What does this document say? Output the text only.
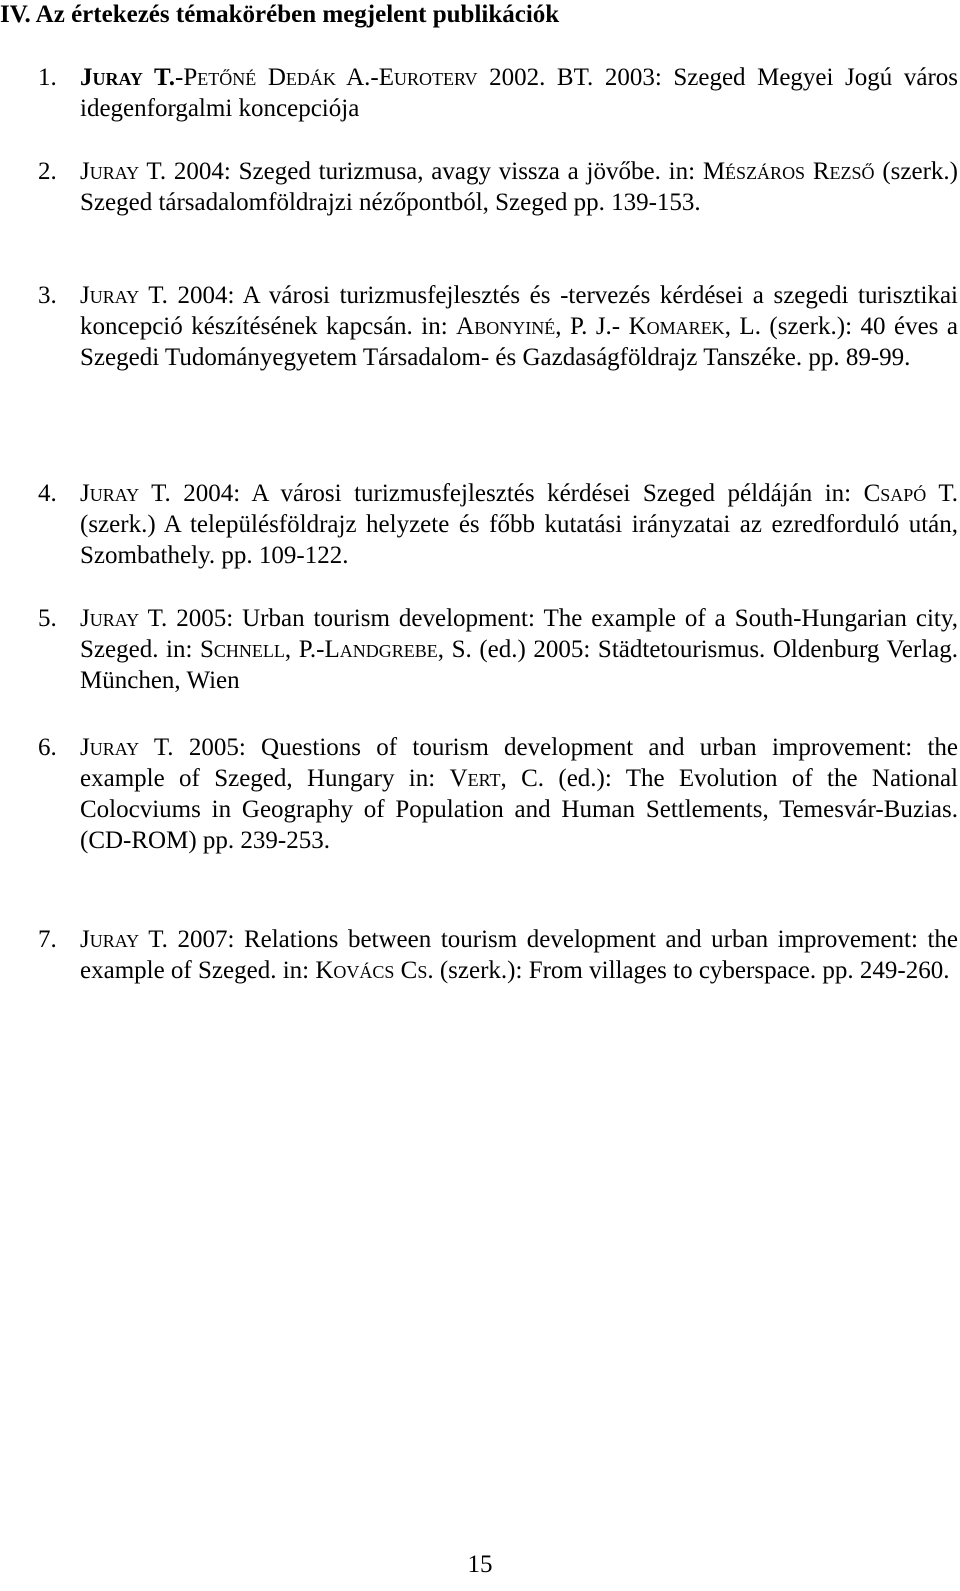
IV. Az értekezés témakörében megjelent publikációk
1. Juray T.-Petőné Dedák A.-Euroterv 2002. BT. 2003: Szeged Megyei Jogú város idegenforgalmi koncepciója
2. Juray T. 2004: Szeged turizmusa, avagy vissza a jövőbe. in: Mészáros Rezső (szerk.) Szeged társadalomföldrajzi nézőpontból, Szeged pp. 139-153.
3. Juray T. 2004: A városi turizmusfejlesztés és -tervezés kérdései a szegedi turisztikai koncepció készítésének kapcsán. in: Abonyiné, P. J.- Komarek, L. (szerk.): 40 éves a Szegedi Tudományegyetem Társadalom- és Gazdaságföldrajz Tanszéke. pp. 89-99.
4. Juray T. 2004: A városi turizmusfejlesztés kérdései Szeged példáján in: Csapó T. (szerk.) A településföldrajz helyzete és főbb kutatási irányzatai az ezredforduló után, Szombathely. pp. 109-122.
5. Juray T. 2005: Urban tourism development: The example of a South-Hungarian city, Szeged. in: Schnell, P.-Landgrebe, S. (ed.) 2005: Städtetourismus. Oldenburg Verlag. München, Wien
6. Juray T. 2005: Questions of tourism development and urban improvement: the example of Szeged, Hungary in: Vert, C. (ed.): The Evolution of the National Colocviums in Geography of Population and Human Settlements, Temesvár-Buzias. (CD-ROM) pp. 239-253.
7. Juray T. 2007: Relations between tourism development and urban improvement: the example of Szeged. in: Kovács Cs. (szerk.): From villages to cyberspace. pp. 249-260.
15
